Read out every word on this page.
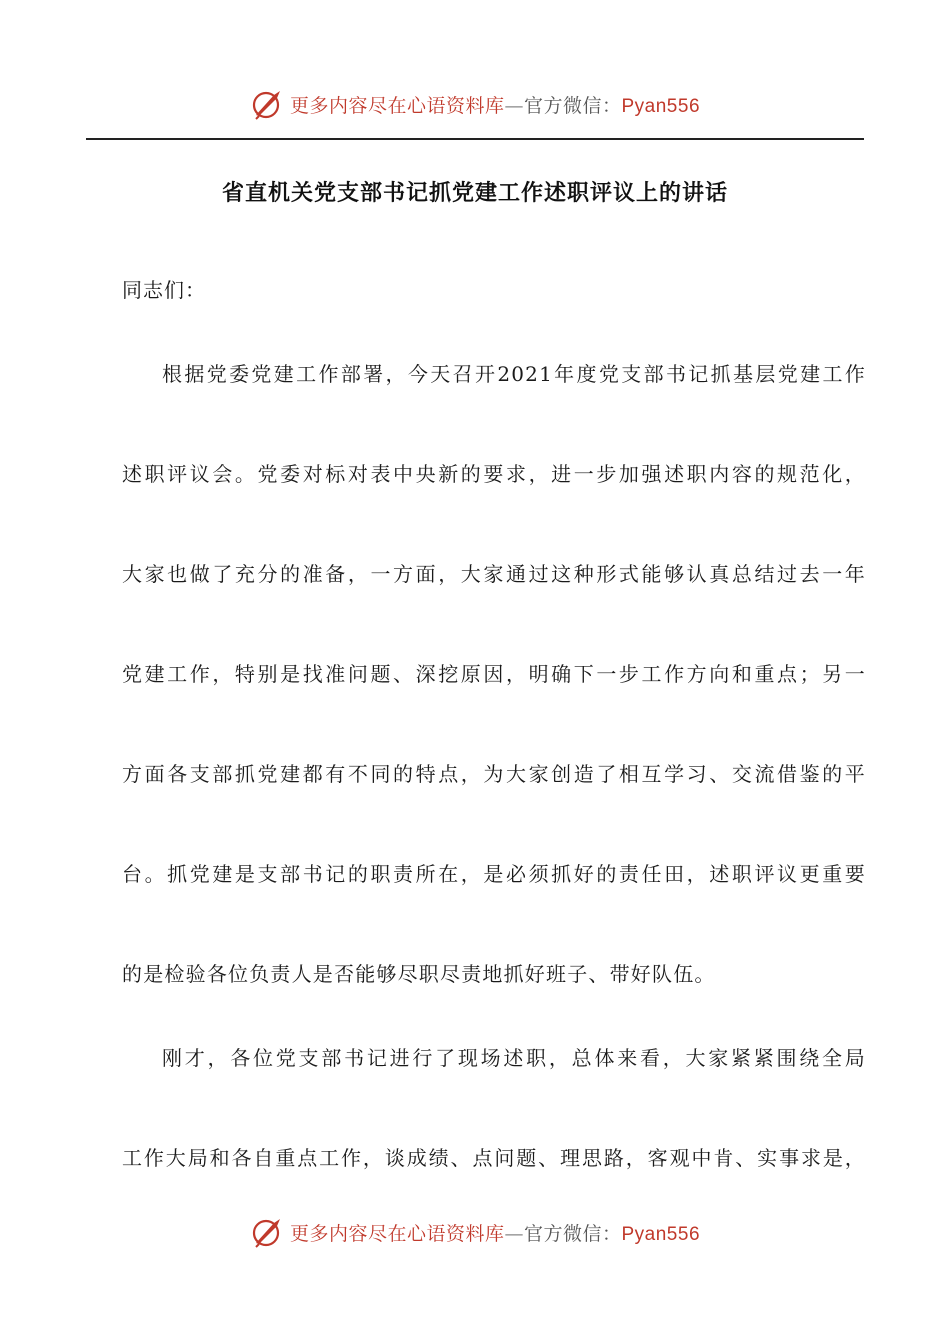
更多内容尽在心语资料库—官方微信：Pyan556
省直机关党支部书记抓党建工作述职评议上的讲话

同志们：

根据党委党建工作部署，今天召开2021年度党支部书记抓基层党建工作
述职评议会。党委对标对表中央新的要求，进一步加强述职内容的规范化，
大家也做了充分的准备，一方面，大家通过这种形式能够认真总结过去一年
党建工作，特别是找准问题、深挖原因，明确下一步工作方向和重点；另一
方面各支部抓党建都有不同的特点，为大家创造了相互学习、交流借鉴的平
台。抓党建是支部书记的职责所在，是必须抓好的责任田，述职评议更重要
的是检验各位负责人是否能够尽职尽责地抓好班子、带好队伍。
刚才，各位党支部书记进行了现场述职，总体来看，大家紧紧围绕全局
工作大局和各自重点工作，谈成绩、点问题、理思路，客观中肯、实事求是，
更多内容尽在心语资料库—官方微信：Pyan556
